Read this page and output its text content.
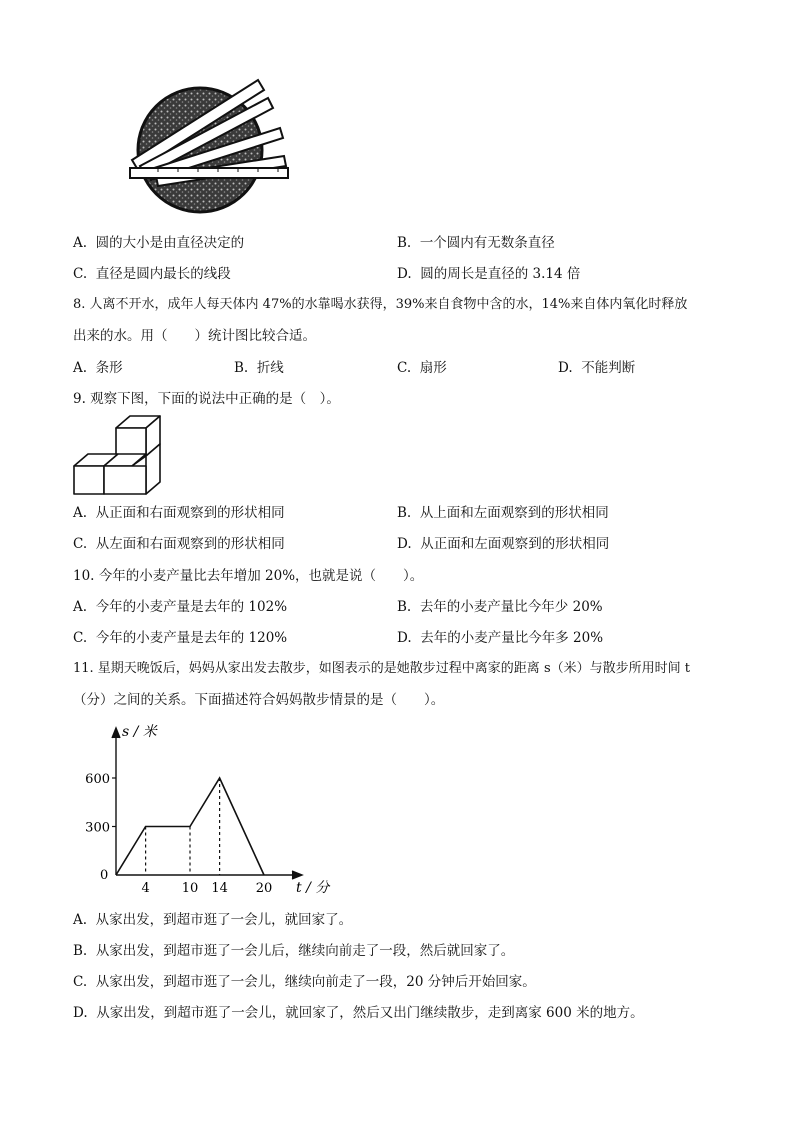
A. 圆的大小是由直径决定的	B. 一个圆内有无数条直径
C. 直径是圆内最长的线段	D. 圆的周长是直径的 3.14 倍
8. 人离不开水，成年人每天体内 47%的水靠喝水获得，39%来自食物中含的水，14%来自体内氧化时释放
出来的水。用（　　）统计图比较合适。
A. 条形	B. 折线	C. 扇形	D. 不能判断
9. 观察下图，下面的说法中正确的是（　）。
A. 从正面和右面观察到的形状相同	B. 从上面和左面观察到的形状相同
C. 从左面和右面观察到的形状相同	D. 从正面和左面观察到的形状相同
10. 今年的小麦产量比去年增加 20%，也就是说（　　）。
A. 今年的小麦产量是去年的 102%	B. 去年的小麦产量比今年少 20%
C. 今年的小麦产量是去年的 120%	D. 去年的小麦产量比今年多 20%
11. 星期天晚饭后，妈妈从家出发去散步，如图表示的是她散步过程中离家的距离 s（米）与散步所用时间 t
（分）之间的关系。下面描述符合妈妈散步情景的是（　　）。
s / 米
t / 分
0
300
600
4 10 14 20
A. 从家出发，到超市逛了一会儿，就回家了。
B. 从家出发，到超市逛了一会儿后，继续向前走了一段，然后就回家了。
C. 从家出发，到超市逛了一会儿，继续向前走了一段，20 分钟后开始回家。
D. 从家出发，到超市逛了一会儿，就回家了，然后又出门继续散步，走到离家 600 米的地方。
